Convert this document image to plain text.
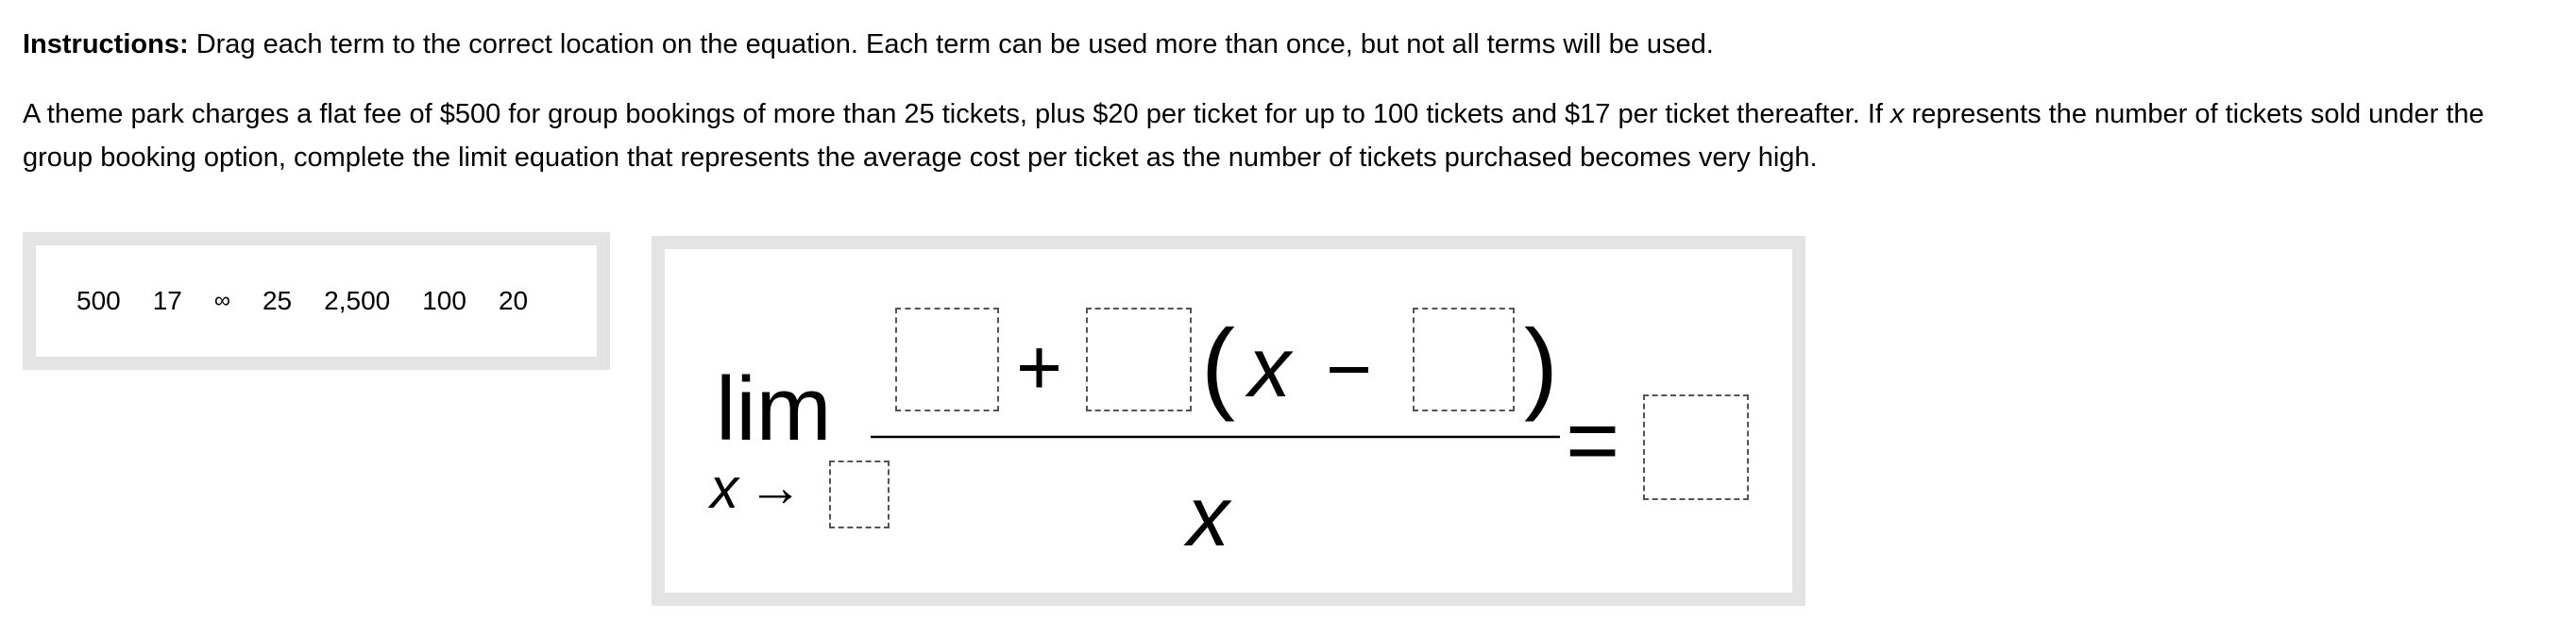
Instructions: Drag each term to the correct location on the equation. Each term can be used more than once, but not all terms will be used.
A theme park charges a flat fee of $500 for group bookings of more than 25 tickets, plus $20 per ticket for up to 100 tickets and $17 per ticket thereafter. If x represents the number of tickets sold under the group booking option, complete the limit equation that represents the average cost per ticket as the number of tickets purchased becomes very high.
500	17	∞	25	2,500	100	20
lim
x →
+ ( x − )
x
=
